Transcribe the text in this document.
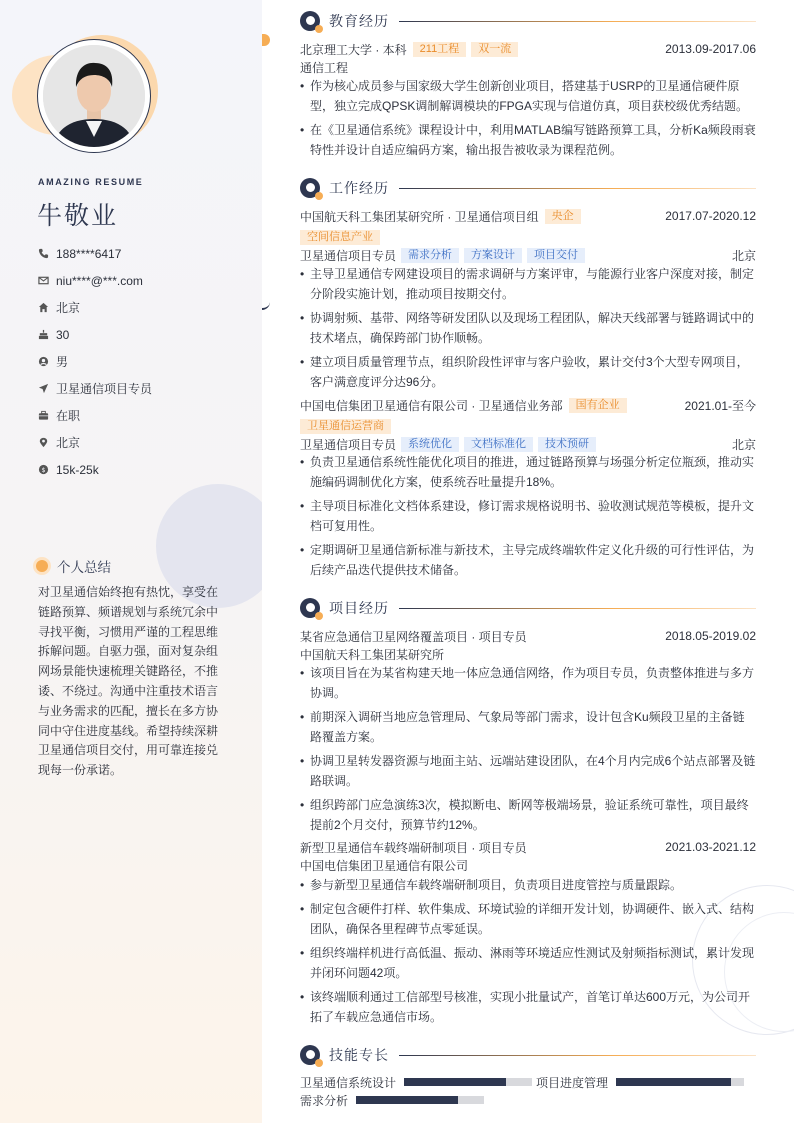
AMAZING RESUME
牛敬业
188****6417
niu****@***.com
北京
30
男
卫星通信项目专员
在职
北京
$ 15k-25k
个人总结

对卫星通信始终抱有热忱，享受在链路预算、频谱规划与系统冗余中寻找平衡，习惯用严谨的工程思维拆解问题。自驱力强，面对复杂组网场景能快速梳理关键路径，不推诿、不绕过。沟通中注重技术语言与业务需求的匹配，擅长在多方协同中守住进度基线。希望持续深耕卫星通信项目交付，用可靠连接兑现每一份承诺。

教育经历
北京理工大学 · 本科	211工程	双一流	2013.09-2017.06
通信工程
• 作为核心成员参与国家级大学生创新创业项目，搭建基于USRP的卫星通信硬件原型，独立完成QPSK调制解调模块的FPGA实现与信道仿真，项目获校级优秀结题。
• 在《卫星通信系统》课程设计中，利用MATLAB编写链路预算工具，分析Ka频段雨衰特性并设计自适应编码方案，输出报告被收录为课程范例。
工作经历
中国航天科工集团某研究所 · 卫星通信项目组	央企	2017.07-2020.12
空间信息产业
卫星通信项目专员	需求分析	方案设计	项目交付	北京
• 主导卫星通信专网建设项目的需求调研与方案评审，与能源行业客户深度对接，制定分阶段实施计划，推动项目按期交付。
• 协调射频、基带、网络等研发团队以及现场工程团队，解决天线部署与链路调试中的技术堵点，确保跨部门协作顺畅。
• 建立项目质量管理节点，组织阶段性评审与客户验收，累计交付3个大型专网项目，客户满意度评分达96分。
中国电信集团卫星通信有限公司 · 卫星通信业务部	国有企业	2021.01-至今
卫星通信运营商
卫星通信项目专员	系统优化	文档标准化	技术预研	北京
• 负责卫星通信系统性能优化项目的推进，通过链路预算与场强分析定位瓶颈，推动实施编码调制优化方案，使系统吞吐量提升18%。
• 主导项目标准化文档体系建设，修订需求规格说明书、验收测试规范等模板，提升文档可复用性。
• 定期调研卫星通信新标准与新技术，主导完成终端软件定义化升级的可行性评估，为后续产品迭代提供技术储备。
项目经历
某省应急通信卫星网络覆盖项目 · 项目专员	2018.05-2019.02
中国航天科工集团某研究所
• 该项目旨在为某省构建天地一体应急通信网络，作为项目专员，负责整体推进与多方协调。
• 前期深入调研当地应急管理局、气象局等部门需求，设计包含Ku频段卫星的主备链路覆盖方案。
• 协调卫星转发器资源与地面主站、远端站建设团队，在4个月内完成6个站点部署及链路联调。
• 组织跨部门应急演练3次，模拟断电、断网等极端场景，验证系统可靠性，项目最终提前2个月交付，预算节约12%。
新型卫星通信车载终端研制项目 · 项目专员	2021.03-2021.12
中国电信集团卫星通信有限公司
• 参与新型卫星通信车载终端研制项目，负责项目进度管控与质量跟踪。
• 制定包含硬件打样、软件集成、环境试验的详细开发计划，协调硬件、嵌入式、结构团队，确保各里程碑节点零延误。
• 组织终端样机进行高低温、振动、淋雨等环境适应性测试及射频指标测试，累计发现并闭环问题42项。
• 该终端顺利通过工信部型号核准，实现小批量试产，首笔订单达600万元，为公司开拓了车载应急通信市场。
技能专长
卫星通信系统设计	项目进度管理
需求分析
